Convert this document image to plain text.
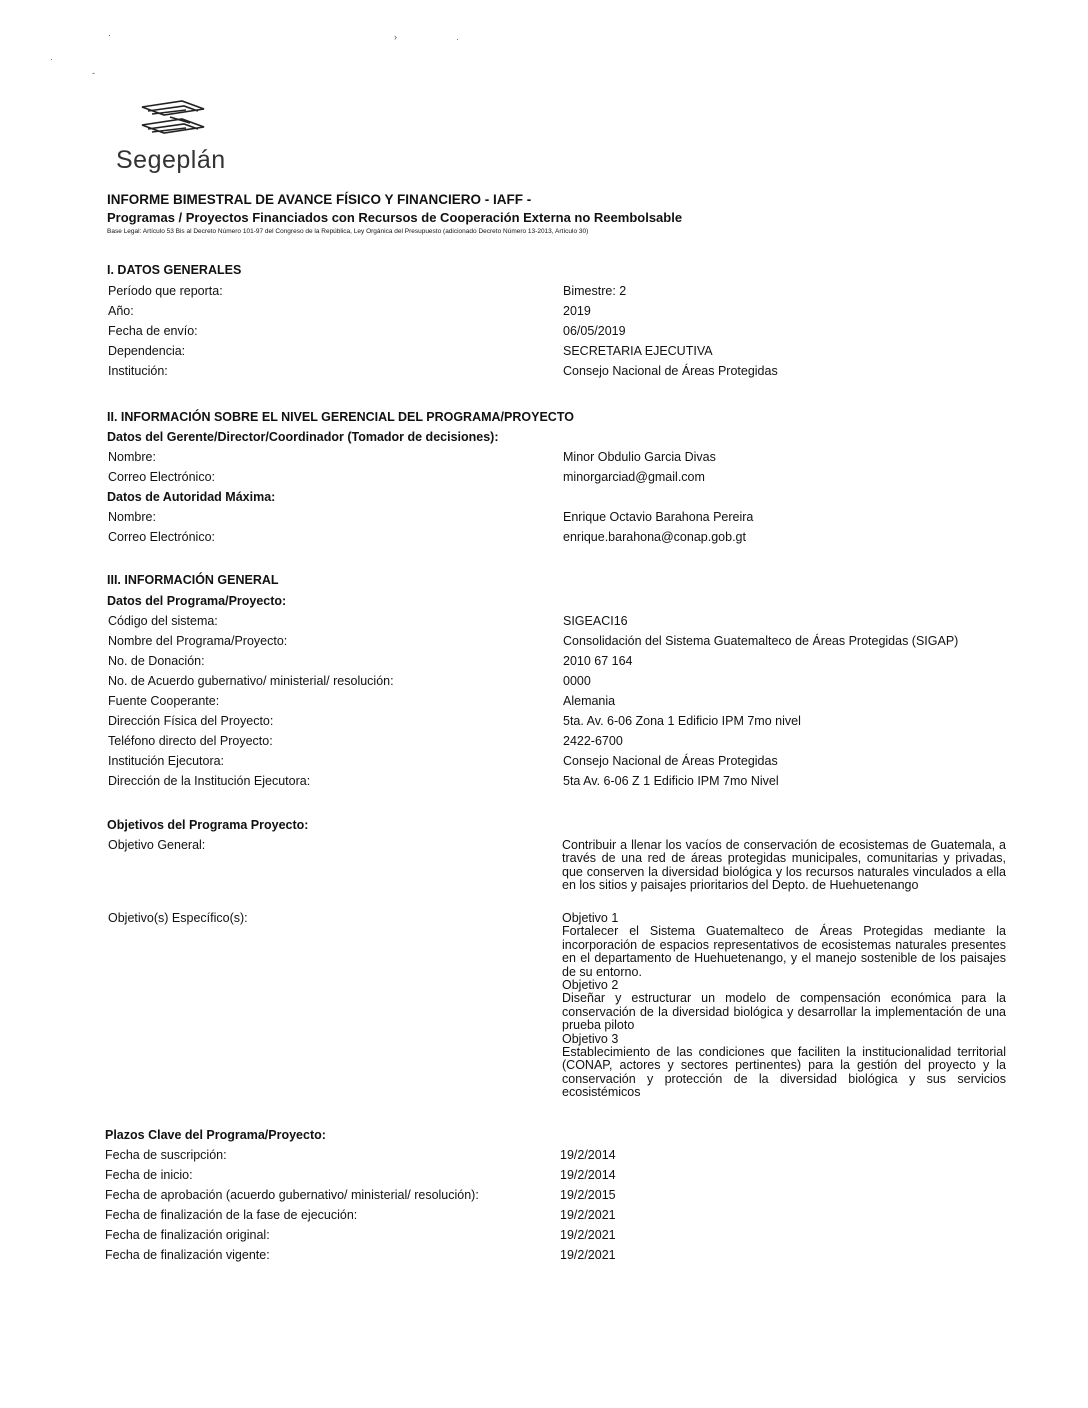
·	›	·
·
-
Segeplán
INFORME BIMESTRAL DE AVANCE FÍSICO Y FINANCIERO - IAFF -
Programas / Proyectos Financiados con Recursos de Cooperación Externa no Reembolsable
Base Legal: Artículo 53 Bis al Decreto Número 101-97 del Congreso de la República, Ley Orgánica del Presupuesto (adicionado Decreto Número 13-2013, Artículo 30)
I. DATOS GENERALES
Período que reporta:	Bimestre: 2
Año:	2019
Fecha de envío:	06/05/2019
Dependencia:	SECRETARIA EJECUTIVA
Institución:	Consejo Nacional de Áreas Protegidas
II. INFORMACIÓN SOBRE EL NIVEL GERENCIAL DEL PROGRAMA/PROYECTO
Datos del Gerente/Director/Coordinador (Tomador de decisiones):
Nombre:	Minor Obdulio Garcia Divas
Correo Electrónico:	minorgarciad@gmail.com
Datos de Autoridad Máxima:
Nombre:	Enrique Octavio Barahona Pereira
Correo Electrónico:	enrique.barahona@conap.gob.gt
III. INFORMACIÓN GENERAL
Datos del Programa/Proyecto:
Código del sistema:	SIGEACI16
Nombre del Programa/Proyecto:	Consolidación del Sistema Guatemalteco de Áreas Protegidas (SIGAP)
No. de Donación:	2010 67 164
No. de Acuerdo gubernativo/ ministerial/ resolución:	0000
Fuente Cooperante:	Alemania
Dirección Física del Proyecto:	5ta. Av. 6-06 Zona 1 Edificio IPM 7mo nivel
Teléfono directo del Proyecto:	2422-6700
Institución Ejecutora:	Consejo Nacional de Áreas Protegidas
Dirección de la Institución Ejecutora:	5ta Av. 6-06 Z 1 Edificio IPM 7mo Nivel
Objetivos del Programa Proyecto:
Objetivo General:	Contribuir a llenar los vacíos de conservación de ecosistemas de Guatemala, a través de una red de áreas protegidas municipales, comunitarias y privadas, que conserven la diversidad biológica y los recursos naturales vinculados a ella en los sitios y paisajes prioritarios del Depto. de Huehuetenango
Objetivo(s) Específico(s):	Objetivo 1
Fortalecer el Sistema Guatemalteco de Áreas Protegidas mediante la incorporación de espacios representativos de ecosistemas naturales presentes en el departamento de Huehuetenango, y el manejo sostenible de los paisajes de su entorno.
Objetivo 2
Diseñar y estructurar un modelo de compensación económica para la conservación de la diversidad biológica y desarrollar la implementación de una prueba piloto
Objetivo 3
Establecimiento de las condiciones que faciliten la institucionalidad territorial (CONAP, actores y sectores pertinentes) para la gestión del proyecto y la conservación y protección de la diversidad biológica y sus servicios ecosistémicos
Plazos Clave del Programa/Proyecto:
Fecha de suscripción:	19/2/2014
Fecha de inicio:	19/2/2014
Fecha de aprobación (acuerdo gubernativo/ ministerial/ resolución):	19/2/2015
Fecha de finalización de la fase de ejecución:	19/2/2021
Fecha de finalización original:	19/2/2021
Fecha de finalización vigente:	19/2/2021
